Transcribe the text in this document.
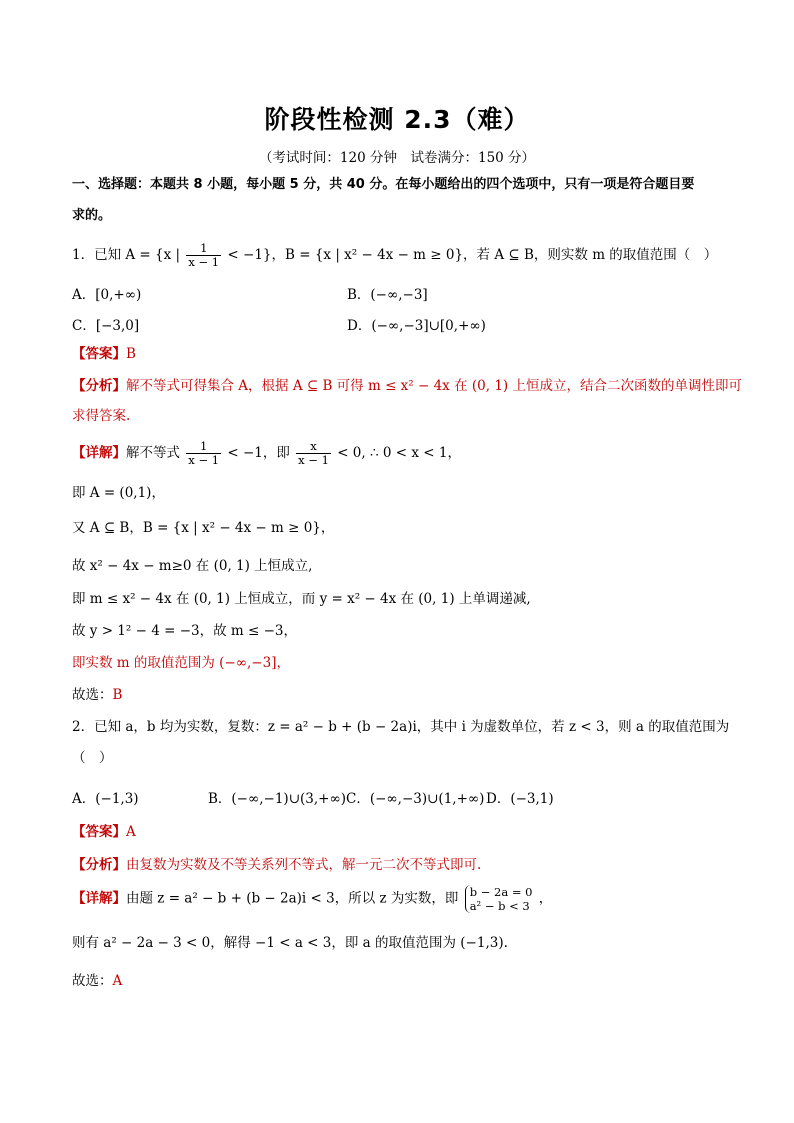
阶段性检测 2.3（难）
（考试时间：120 分钟　试卷满分：150 分）
一、选择题：本题共 8 小题，每小题 5 分，共 40 分。在每小题给出的四个选项中，只有一项是符合题目要
求的。
1．已知 A = {x | $\frac{1}{x - 1} < -1$}，B = {x | x² − 4x − m ≥ 0}，若 A ⊆ B，则实数 m 的取值范围（　）
A．[0,+∞)	B．(−∞,−3]
C．[−3,0]	D．(−∞,−3]∪[0,+∞)
【答案】B
【分析】解不等式可得集合 A，根据 A ⊆ B 可得 m ≤ x² − 4x 在 (0, 1) 上恒成立，结合二次函数的单调性即可
求得答案.
【详解】解不等式 $\frac{1}{x - 1} < -1$，即 $\frac{x}{x - 1} < 0$, ∴ 0 < x < 1，
即 A = (0,1)，
又 A ⊆ B，B = {x | x² − 4x − m ≥ 0}，
故 x² − 4x − m≥0 在 (0, 1) 上恒成立,
即 m ≤ x² − 4x 在 (0, 1) 上恒成立，而 y = x² − 4x 在 (0, 1) 上单调递减,
故 y > 1² − 4 = −3，故 m ≤ −3，
即实数 m 的取值范围为 (−∞,−3]，
故选：B
2．已知 a，b 均为实数，复数：z = a² − b + (b − 2a)i，其中 i 为虚数单位，若 z < 3，则 a 的取值范围为
（　）
A．(−1,3)	B．(−∞,−1)∪(3,+∞) C．(−∞,−3)∪(1,+∞) D．(−3,1)
【答案】A
【分析】由复数为实数及不等关系列不等式，解一元二次不等式即可.
【详解】由题 z = a² − b + (b − 2a)i < 3，所以 z 为实数，即 b − 2a = 0
a² − b < 3 ，
则有 a² − 2a − 3 < 0，解得 −1 < a < 3，即 a 的取值范围为 (−1,3).
故选：A
